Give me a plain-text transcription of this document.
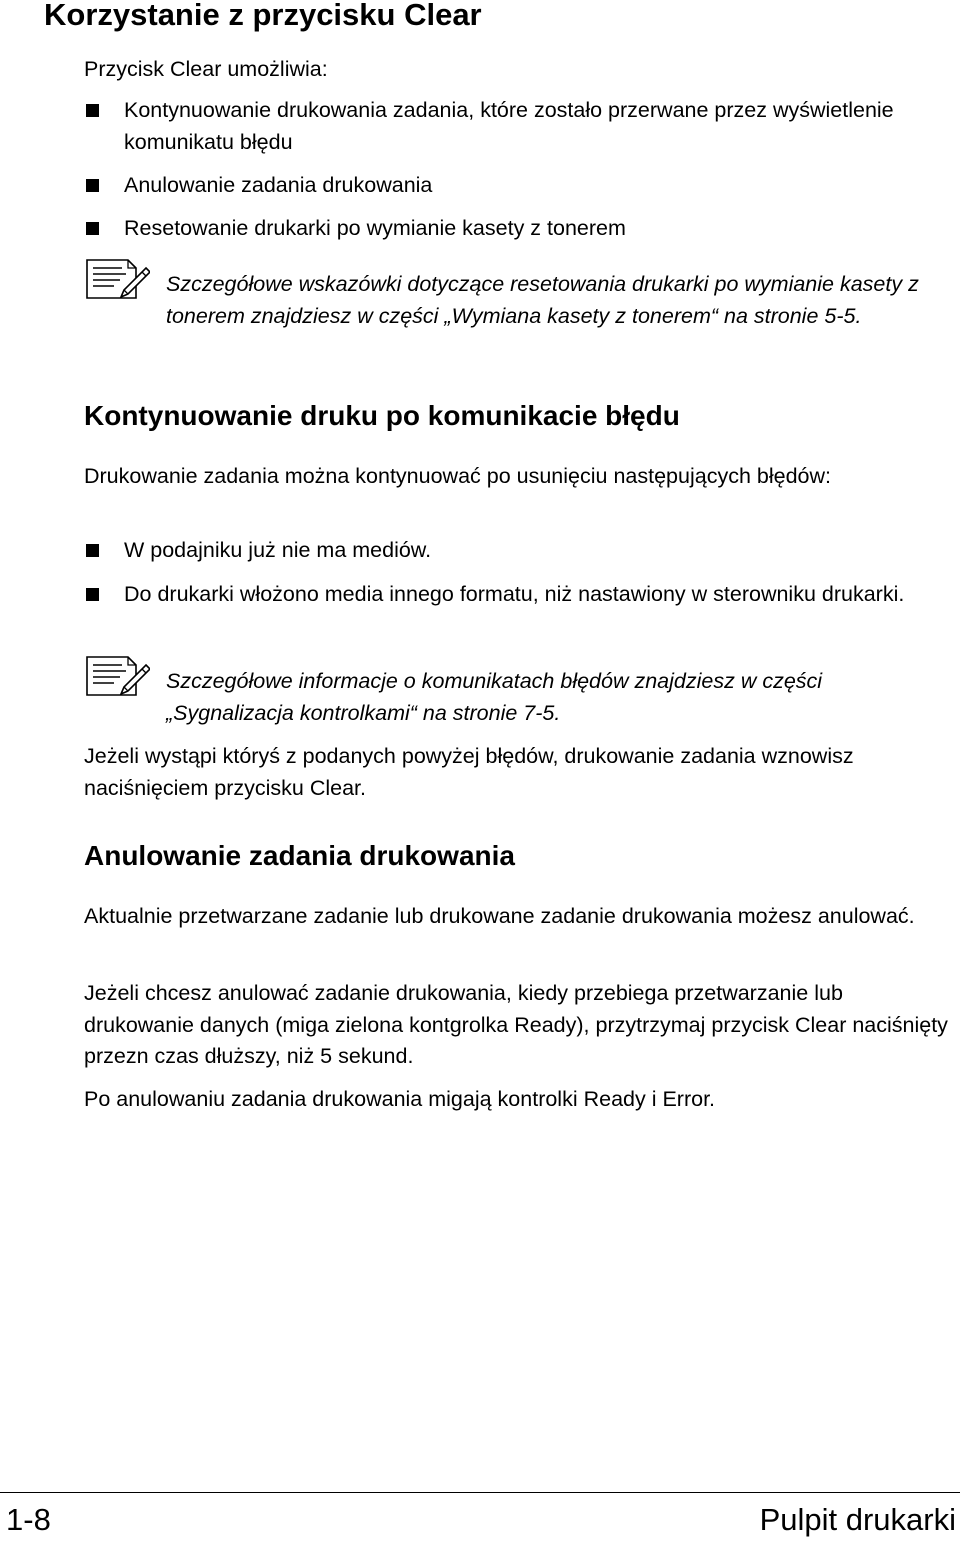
Korzystanie z przycisku Clear

Przycisk Clear umożliwia:

Kontynuowanie drukowania zadania, które zostało przerwane przez wyświetlenie komunikatu błędu
Anulowanie zadania drukowania
Resetowanie drukarki po wymianie kasety z tonerem

Szczegółowe wskazówki dotyczące resetowania drukarki po wymianie kasety z tonerem znajdziesz w części „Wymiana kasety z tonerem“ na stronie 5-5.

Kontynuowanie druku po komunikacie błędu

Drukowanie zadania można kontynuować po usunięciu następujących błędów:

W podajniku już nie ma mediów.
Do drukarki włożono media innego formatu, niż nastawiony w sterowniku drukarki.

Szczegółowe informacje o komunikatach błędów znajdziesz w części „Sygnalizacja kontrolkami“ na stronie 7-5.

Jeżeli wystąpi któryś z podanych powyżej błędów, drukowanie zadania wznowisz naciśnięciem przycisku Clear.

Anulowanie zadania drukowania

Aktualnie przetwarzane zadanie lub drukowane zadanie drukowania możesz anulować.

Jeżeli chcesz anulować zadanie drukowania, kiedy przebiega przetwarzanie lub drukowanie danych (miga zielona kontgrolka Ready), przytrzymaj przycisk Clear naciśnięty przezn czas dłuższy, niż 5 sekund.

Po anulowaniu zadania drukowania migają kontrolki Ready i Error.

1-8	Pulpit drukarki
